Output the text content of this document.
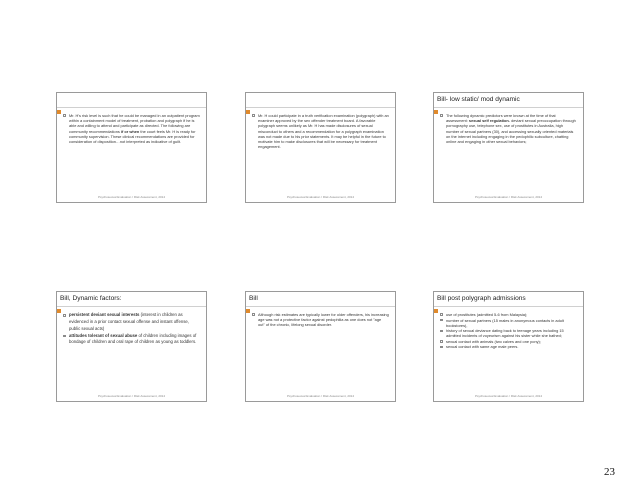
Mr. H's risk level is such that he could be managed in an outpatient program within a containment model of treatment, probation and polygraph if he is able and willing to attend and participate as directed. The following are community recommendations if or when the court feels Mr. H is ready for community supervision. These clinical recommendations are provided for consideration of disposition…not interpreted as indicative of guilt.
Psychosexual Evaluation / Risk Assessment, 2014
Mr. H could participate in a truth verification examination (polygraph) with an examiner approved by the sex offender treatment board. A favorable polygraph seems unlikely as Mr. H has made disclosures of sexual misconduct to others and a recommendation for a polygraph examination was not made due to his prior statements. It may be helpful in the future to motivate him to make disclosures that will be necessary for treatment engagement.
Psychosexual Evaluation / Risk Assessment, 2014
Bill- low static/ mod dynamic
The following dynamic predictors were known at the time of that assessment: sexual self regulation- deviant sexual preoccupation through pornography use, telephone sex, use of prostitutes in Australia, high number of sexual partners (30), and accessing sexually oriented materials on the internet including engaging in the pedophilic subculture, chatting online and engaging in other sexual behaviors;
Psychosexual Evaluation / Risk Assessment, 2014
Bill, Dynamic factors:
persistent deviant sexual interests (interest in children as evidenced in a prior contact sexual offense and instant offense, public sexual acts)
attitudes tolerant of sexual abuse of children including images of bondage of children and oral rape of children as young as toddlers.
Psychosexual Evaluation / Risk Assessment, 2014
Bill
Although risk estimates are typically lower for older offenders, his increasing age was not a protective factor against pedophilia as one does not "age out" of the chronic, lifelong sexual disorder.
Psychosexual Evaluation / Risk Assessment, 2014
Bill post polygraph admissions
use of prostitutes (admitted 5-6 from Malaysia);
number of sexual partners (15 males in anonymous contacts in adult bookstores),
history of sexual deviance dating back to teenage years including 15 admitted incidents of voyeurism against his sister while she bathed;
sexual contact with animals (two calves and one pony);
sexual contact with same age male peers.
Psychosexual Evaluation / Risk Assessment, 2014
23
